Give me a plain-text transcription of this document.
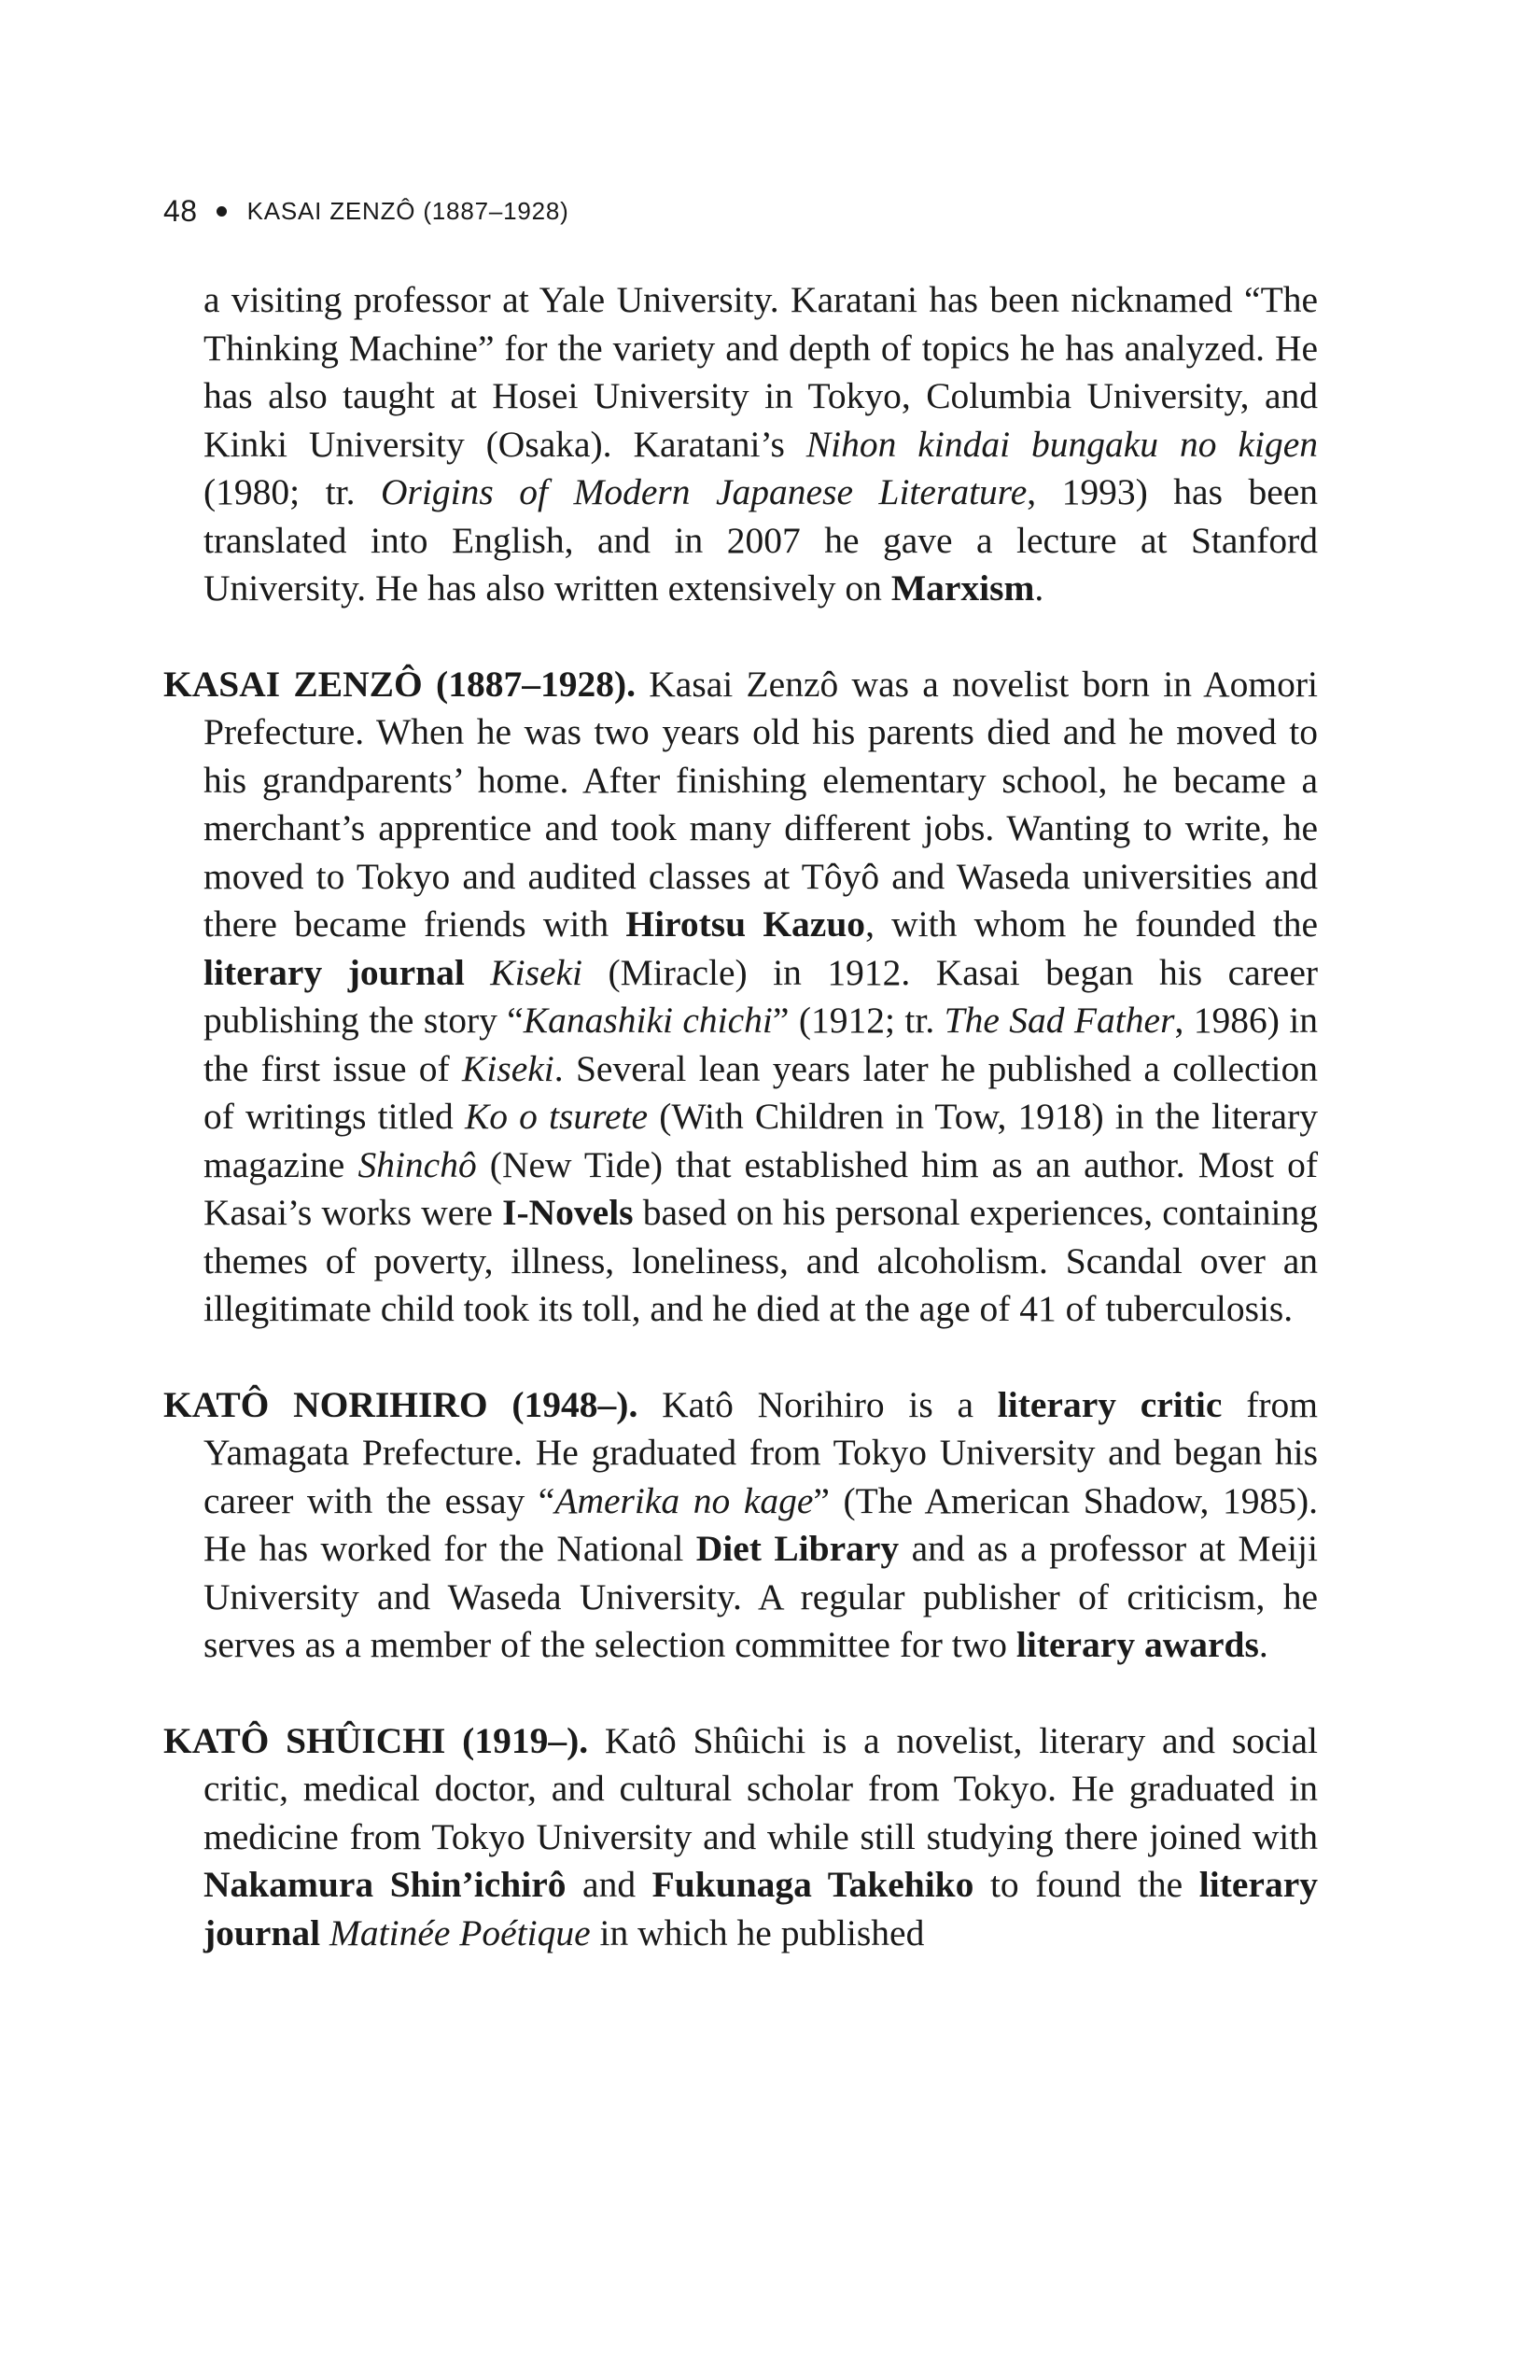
48 KASAI ZENZÔ (1887–1928)

a visiting professor at Yale University. Karatani has been nicknamed “The Thinking Machine” for the variety and depth of topics he has analyzed. He has also taught at Hosei University in Tokyo, Columbia University, and Kinki University (Osaka). Karatani’s Nihon kindai bungaku no kigen (1980; tr. Origins of Modern Japanese Literature, 1993) has been translated into English, and in 2007 he gave a lecture at Stanford University. He has also written extensively on Marxism.

KASAI ZENZÔ (1887–1928). Kasai Zenzô was a novelist born in Aomori Prefecture. When he was two years old his parents died and he moved to his grandparents’ home. After finishing elementary school, he became a merchant’s apprentice and took many different jobs. Wanting to write, he moved to Tokyo and audited classes at Tôyô and Waseda universities and there became friends with Hirotsu Kazuo, with whom he founded the literary journal Kiseki (Miracle) in 1912. Kasai began his career publishing the story “Kanashiki chichi” (1912; tr. The Sad Father, 1986) in the first issue of Kiseki. Several lean years later he published a collection of writings titled Ko o tsurete (With Children in Tow, 1918) in the literary magazine Shinchô (New Tide) that established him as an author. Most of Kasai’s works were I-Novels based on his personal experiences, containing themes of poverty, illness, loneliness, and alcoholism. Scandal over an illegitimate child took its toll, and he died at the age of 41 of tuberculosis.

KATÔ NORIHIRO (1948–). Katô Norihiro is a literary critic from Yamagata Prefecture. He graduated from Tokyo University and began his career with the essay “Amerika no kage” (The American Shadow, 1985). He has worked for the National Diet Library and as a professor at Meiji University and Waseda University. A regular publisher of criticism, he serves as a member of the selection committee for two literary awards.

KATÔ SHÛICHI (1919–). Katô Shûichi is a novelist, literary and social critic, medical doctor, and cultural scholar from Tokyo. He graduated in medicine from Tokyo University and while still studying there joined with Nakamura Shin’ichirô and Fukunaga Takehiko to found the literary journal Matinée Poétique in which he published
